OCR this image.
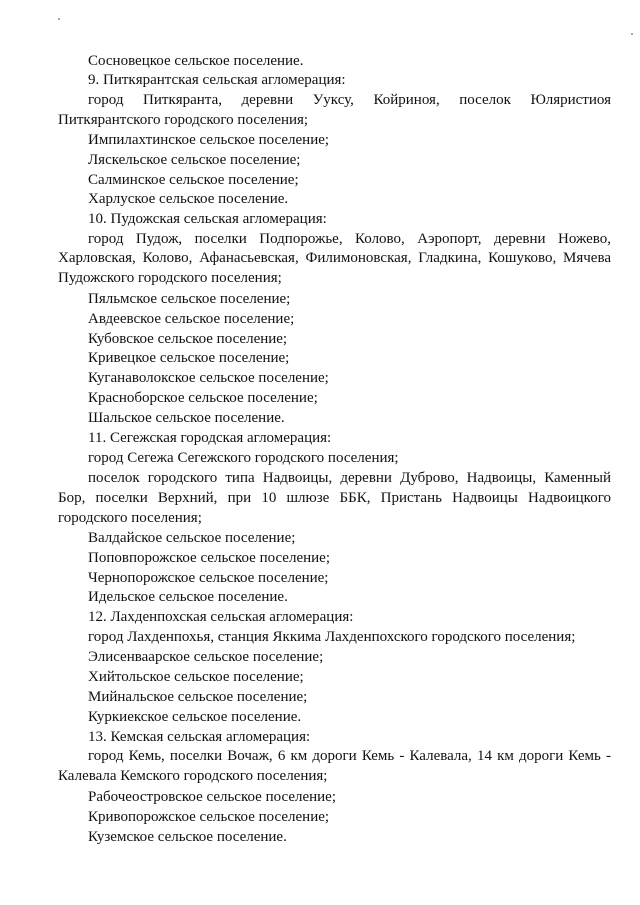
Сосновецкое сельское поселение.
9. Питкярантская сельская агломерация:
город Питкяранта, деревни Ууксу, Койриноя, поселок Юляристиоя
Питкярантского городского поселения;
Импилахтинское сельское поселение;
Ляскельское сельское поселение;
Салминское сельское поселение;
Харлуское сельское поселение.
10. Пудожская сельская агломерация:
город Пудож, поселки Подпорожье, Колово, Аэропорт, деревни Ножево,
Харловская, Колово, Афанасьевская, Филимоновская, Гладкина, Кошуково, Мячева
Пудожского городского поселения;
Пяльмское сельское поселение;
Авдеевское сельское поселение;
Кубовское сельское поселение;
Кривецкое сельское поселение;
Куганаволокское сельское поселение;
Красноборское сельское поселение;
Шальское сельское поселение.
11. Сегежская городская агломерация:
город Сегежа Сегежского городского поселения;
поселок городского типа Надвоицы, деревни Дуброво, Надвоицы, Каменный
Бор, поселки Верхний, при 10 шлюзе ББК, Пристань Надвоицы Надвоицкого
городского поселения;
Валдайское сельское поселение;
Поповпорожское сельское поселение;
Чернопорожское сельское поселение;
Идельское сельское поселение.
12. Лахденпохская сельская агломерация:
город Лахденпохья, станция Яккима Лахденпохского городского поселения;
Элисенваарское сельское поселение;
Хийтольское сельское поселение;
Мийнальское сельское поселение;
Куркиекское сельское поселение.
13. Кемская сельская агломерация:
город Кемь, поселки Вочаж, 6 км дороги Кемь - Калевала, 14 км дороги Кемь -
Калевала Кемского городского поселения;
Рабочеостровское сельское поселение;
Кривопорожское сельское поселение;
Куземское сельское поселение.
